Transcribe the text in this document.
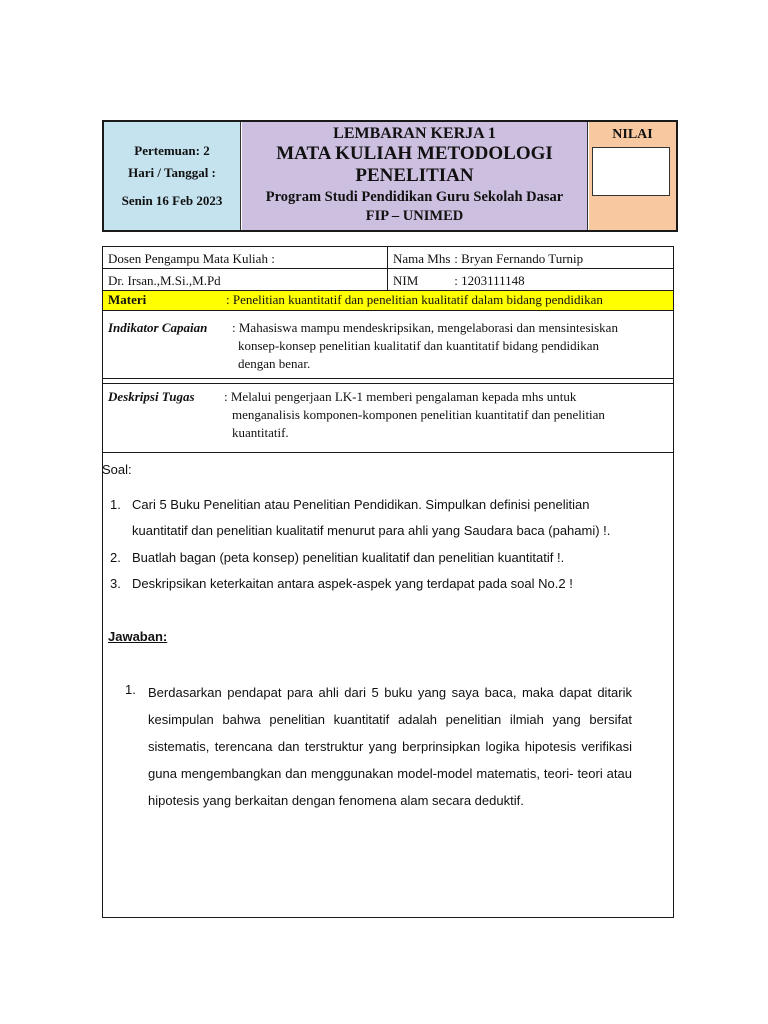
Pertemuan: 2
Hari / Tanggal :
Senin 16 Feb 2023
LEMBARAN KERJA 1
MATA KULIAH METODOLOGI
PENELITIAN
Program Studi Pendidikan Guru Sekolah Dasar
FIP – UNIMED
NILAI
Dosen Pengampu Mata Kuliah :	Nama Mhs : Bryan Fernando Turnip
Dr. Irsan.,M.Si.,M.Pd	NIM	: 1203111148
Materi	: Penelitian kuantitatif dan penelitian kualitatif dalam bidang pendidikan
Indikator Capaian	: Mahasiswa mampu mendeskripsikan, mengelaborasi dan mensintesiskan
konsep-konsep penelitian kualitatif dan kuantitatif bidang pendidikan
dengan benar.
Deskripsi Tugas	: Melalui pengerjaan LK-1 memberi pengalaman kepada mhs untuk
menganalisis komponen-komponen penelitian kuantitatif dan penelitian
kuantitatif.
Soal:
1. Cari 5 Buku Penelitian atau Penelitian Pendidikan. Simpulkan definisi penelitian
kuantitatif dan penelitian kualitatif menurut para ahli yang Saudara baca (pahami) !.
2. Buatlah bagan (peta konsep) penelitian kualitatif dan penelitian kuantitatif !.
3. Deskripsikan keterkaitan antara aspek-aspek yang terdapat pada soal No.2 !
Jawaban:
1. Berdasarkan pendapat para ahli dari 5 buku yang saya baca, maka dapat ditarik kesimpulan bahwa penelitian kuantitatif adalah penelitian ilmiah yang bersifat sistematis, terencana dan terstruktur yang berprinsipkan logika hipotesis verifikasi guna mengembangkan dan menggunakan model-model matematis, teori- teori atau hipotesis yang berkaitan dengan fenomena alam secara deduktif.
